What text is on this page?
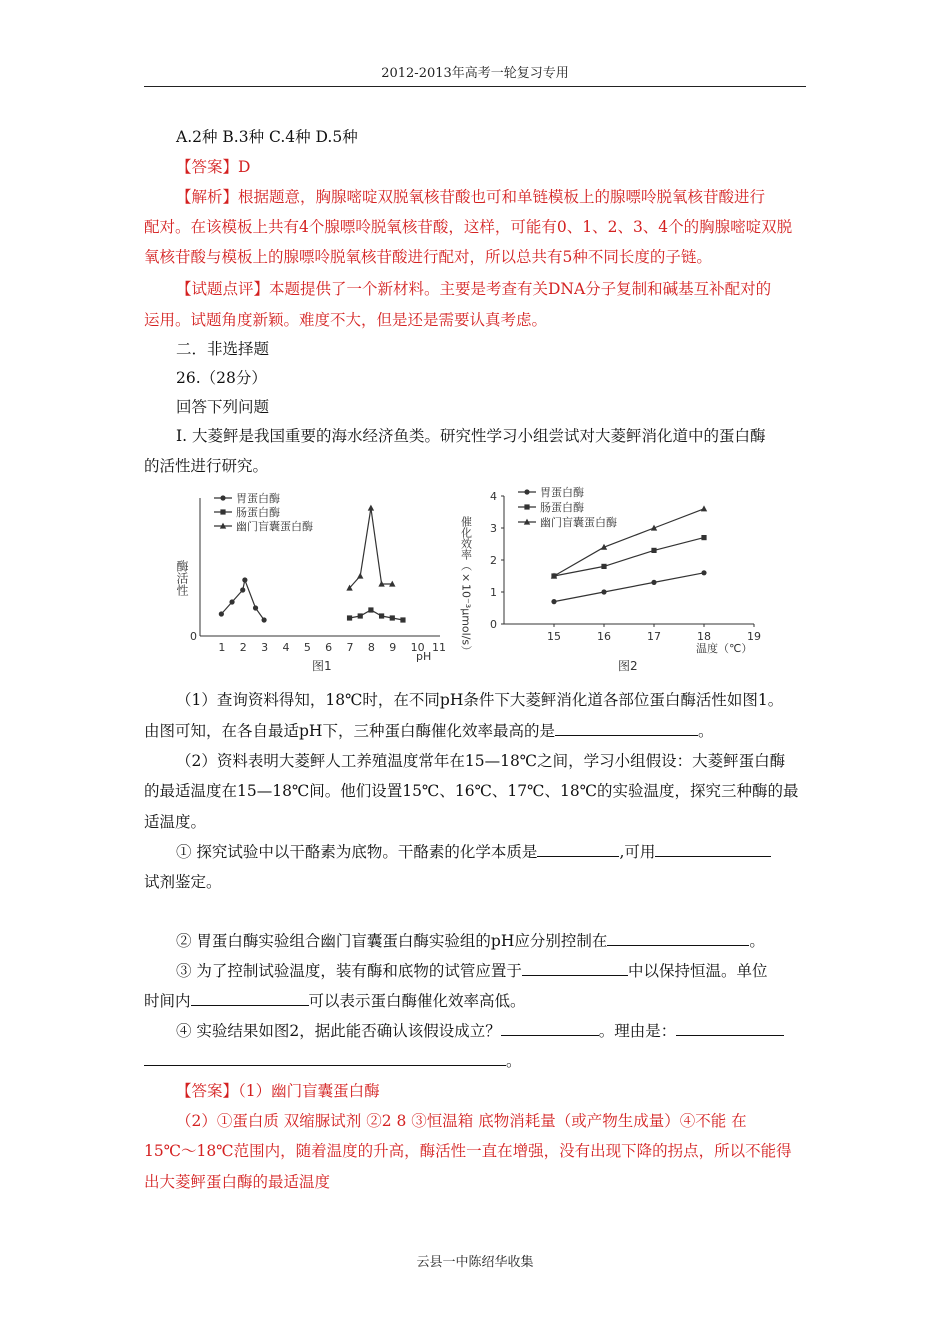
2012-2013年高考一轮复习专用
A.2种 B.3种 C.4种 D.5种
【答案】D
【解析】根据题意，胸腺嘧啶双脱氧核苷酸也可和单链模板上的腺嘌呤脱氧核苷酸进行
配对。在该模板上共有4个腺嘌呤脱氧核苷酸，这样，可能有0、1、2、3、4个的胸腺嘧啶双脱
氧核苷酸与模板上的腺嘌呤脱氧核苷酸进行配对，所以总共有5种不同长度的子链。
【试题点评】本题提供了一个新材料。主要是考查有关DNA分子复制和碱基互补配对的
运用。试题角度新颖。难度不大，但是还是需要认真考虑。
二．非选择题
26.（28分）
回答下列问题
I. 大菱鲆是我国重要的海水经济鱼类。研究性学习小组尝试对大菱鲆消化道中的蛋白酶
的活性进行研究。
酶活性
0
1 2 3 4 5 6 7 8 9 10 11
pH
图1
胃蛋白酶
肠蛋白酶
幽门盲囊蛋白酶	催化效率（×10⁻³μmol/s） 0
1
2
3
4
15	16	17	18	19
温度（℃）
图2
胃蛋白酶
肠蛋白酶
幽门盲囊蛋白酶
（1）查询资料得知，18℃时，在不同pH条件下大菱鲆消化道各部位蛋白酶活性如图1。
由图可知，在各自最适pH下，三种蛋白酶催化效率最高的是	。
（2）资料表明大菱鲆人工养殖温度常年在15—18℃之间，学习小组假设：大菱鲆蛋白酶
的最适温度在15—18℃间。他们设置15℃、16℃、17℃、18℃的实验温度，探究三种酶的最
适温度。
① 探究试验中以干酪素为底物。干酪素的化学本质是	,可用
试剂鉴定。
② 胃蛋白酶实验组合幽门盲囊蛋白酶实验组的pH应分别控制在	。
③ 为了控制试验温度，装有酶和底物的试管应置于	中以保持恒温。单位
时间内	可以表示蛋白酶催化效率高低。
④ 实验结果如图2，据此能否确认该假设成立？	。理由是：
。
【答案】（1）幽门盲囊蛋白酶
（2）①蛋白质 双缩脲试剂 ②2 8 ③恒温箱 底物消耗量（或产物生成量）④不能 在
15℃～18℃范围内，随着温度的升高，酶活性一直在增强，没有出现下降的拐点，所以不能得
出大菱鲆蛋白酶的最适温度
云县一中陈绍华收集
